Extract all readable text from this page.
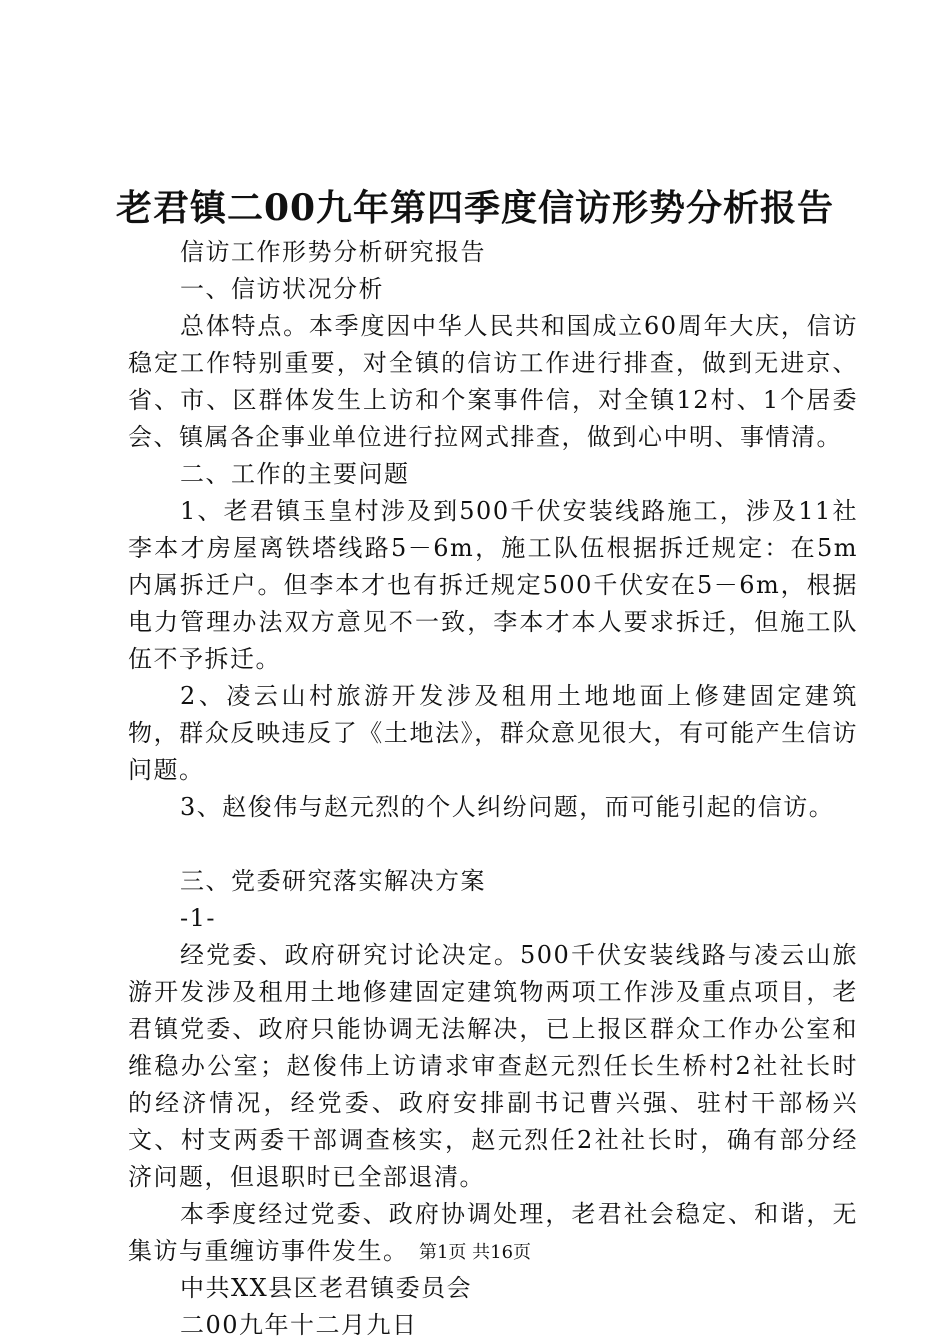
老君镇二00九年第四季度信访形势分析报告

信访工作形势分析研究报告

一、信访状况分析

总体特点。本季度因中华人民共和国成立60周年大庆，信访稳定工作特别重要，对全镇的信访工作进行排查，做到无进京、省、市、区群体发生上访和个案事件信，对全镇12村、1个居委会、镇属各企事业单位进行拉网式排查，做到心中明、事情清。

二、工作的主要问题

1、老君镇玉皇村涉及到500千伏安装线路施工，涉及11社李本才房屋离铁塔线路5－6m，施工队伍根据拆迁规定：在5m内属拆迁户。但李本才也有拆迁规定500千伏安在5－6m，根据电力管理办法双方意见不一致，李本才本人要求拆迁，但施工队伍不予拆迁。

2、凌云山村旅游开发涉及租用土地地面上修建固定建筑物，群众反映违反了《土地法》，群众意见很大，有可能产生信访问题。

3、赵俊伟与赵元烈的个人纠纷问题，而可能引起的信访。

三、党委研究落实解决方案

-1-

经党委、政府研究讨论决定。500千伏安装线路与凌云山旅游开发涉及租用土地修建固定建筑物两项工作涉及重点项目，老君镇党委、政府只能协调无法解决，已上报区群众工作办公室和维稳办公室；赵俊伟上访请求审查赵元烈任长生桥村2社社长时的经济情况，经党委、政府安排副书记曹兴强、驻村干部杨兴文、村支两委干部调查核实，赵元烈任2社社长时，确有部分经济问题，但退职时已全部退清。

本季度经过党委、政府协调处理，老君社会稳定、和谐，无集访与重缠访事件发生。

中共XX县区老君镇委员会

二00九年十二月九日

第1页 共16页
